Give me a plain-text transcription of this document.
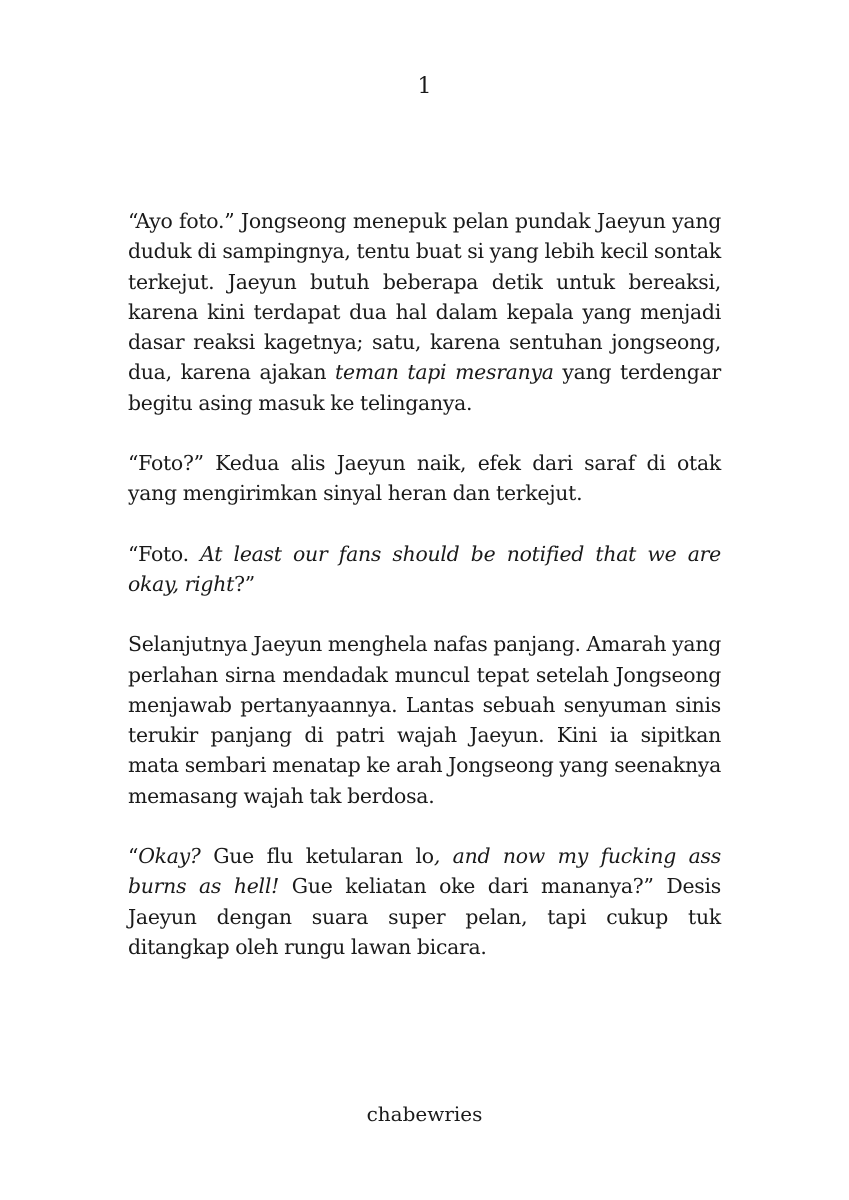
1

“Ayo foto.” Jongseong menepuk pelan pundak Jaeyun yang duduk di sampingnya, tentu buat si yang lebih kecil sontak terkejut. Jaeyun butuh beberapa detik untuk bereaksi, karena kini terdapat dua hal dalam kepala yang menjadi dasar reaksi kagetnya; satu, karena sentuhan jongseong, dua, karena ajakan teman tapi mesranya yang terdengar begitu asing masuk ke telinganya.

“Foto?” Kedua alis Jaeyun naik, efek dari saraf di otak yang mengirimkan sinyal heran dan terkejut.

“Foto. At least our fans should be notified that we are okay, right?”

Selanjutnya Jaeyun menghela nafas panjang. Amarah yang perlahan sirna mendadak muncul tepat setelah Jongseong menjawab pertanyaannya. Lantas sebuah senyuman sinis terukir panjang di patri wajah Jaeyun. Kini ia sipitkan mata sembari menatap ke arah Jongseong yang seenaknya memasang wajah tak berdosa.

“Okay? Gue flu ketularan lo, and now my fucking ass burns as hell! Gue keliatan oke dari mananya?” Desis Jaeyun dengan suara super pelan, tapi cukup tuk ditangkap oleh rungu lawan bicara.

chabewries
